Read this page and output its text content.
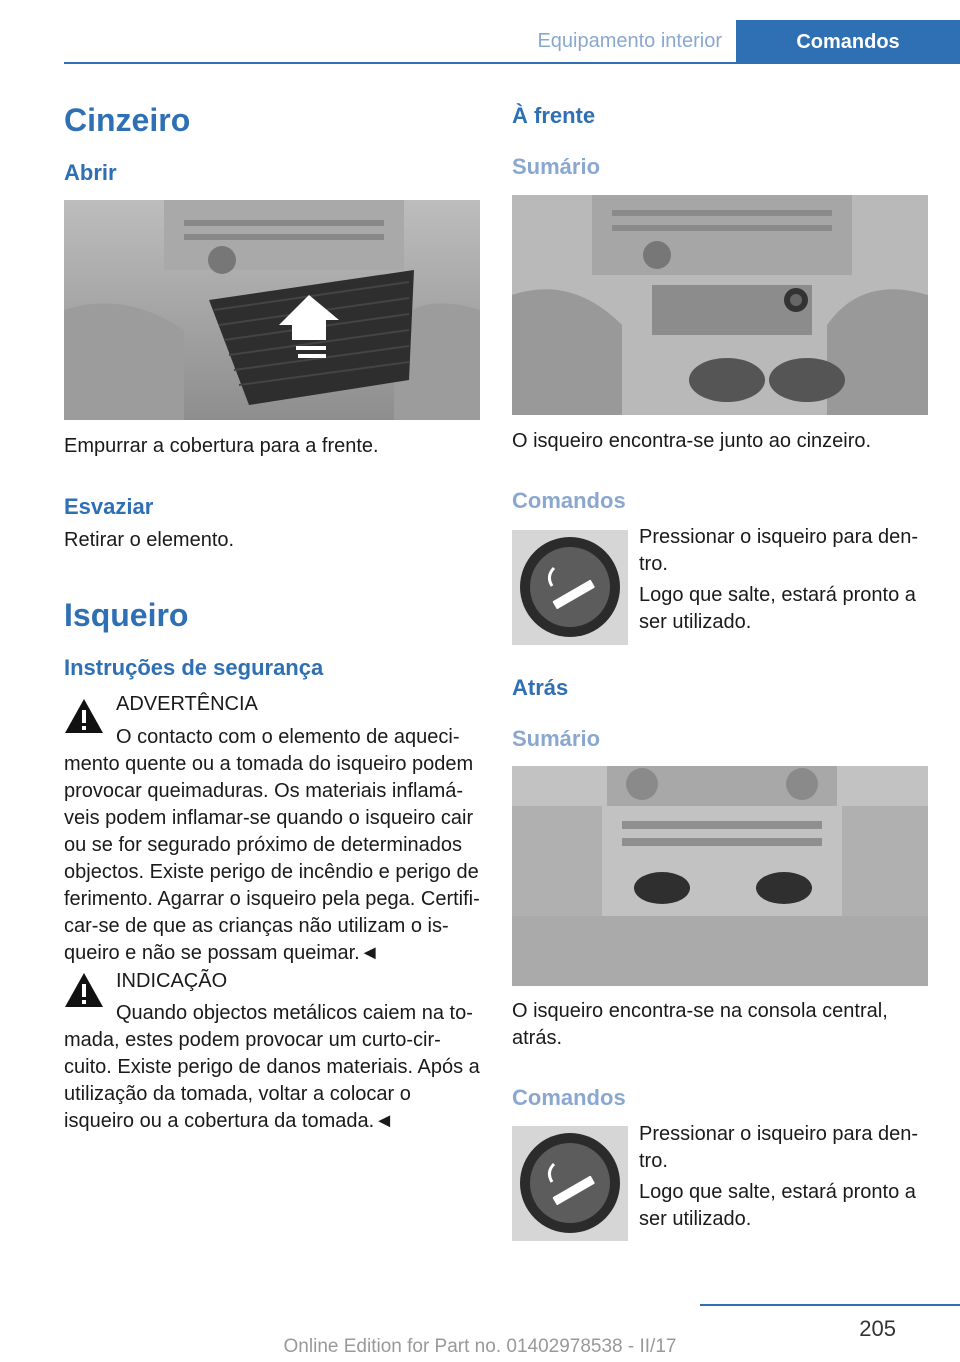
Equipamento interior	Comandos
Cinzeiro
Abrir
Empurrar a cobertura para a frente.
Esvaziar
Retirar o elemento.
Isqueiro
Instruções de segurança
ADVERTÊNCIA
O contacto com o elemento de aquecimento quente ou a tomada do isqueiro podem provocar queimaduras. Os materiais inflamáveis podem inflamar-se quando o isqueiro cair ou se for segurado próximo de determinados objectos. Existe perigo de incêndio e perigo de ferimento. Agarrar o isqueiro pela pega. Certificar-se de que as crianças não utilizam o isqueiro e não se possam queimar.◄
INDICAÇÃO
Quando objectos metálicos caiem na tomada, estes podem provocar um curto-circuito. Existe perigo de danos materiais. Após a utilização da tomada, voltar a colocar o isqueiro ou a cobertura da tomada.◄
À frente
Sumário
O isqueiro encontra-se junto ao cinzeiro.
Comandos
Pressionar o isqueiro para dentro.
Logo que salte, estará pronto a ser utilizado.
Atrás
Sumário
O isqueiro encontra-se na consola central, atrás.
Comandos
Pressionar o isqueiro para dentro.
Logo que salte, estará pronto a ser utilizado.
205
Online Edition for Part no. 01402978538 - II/17
